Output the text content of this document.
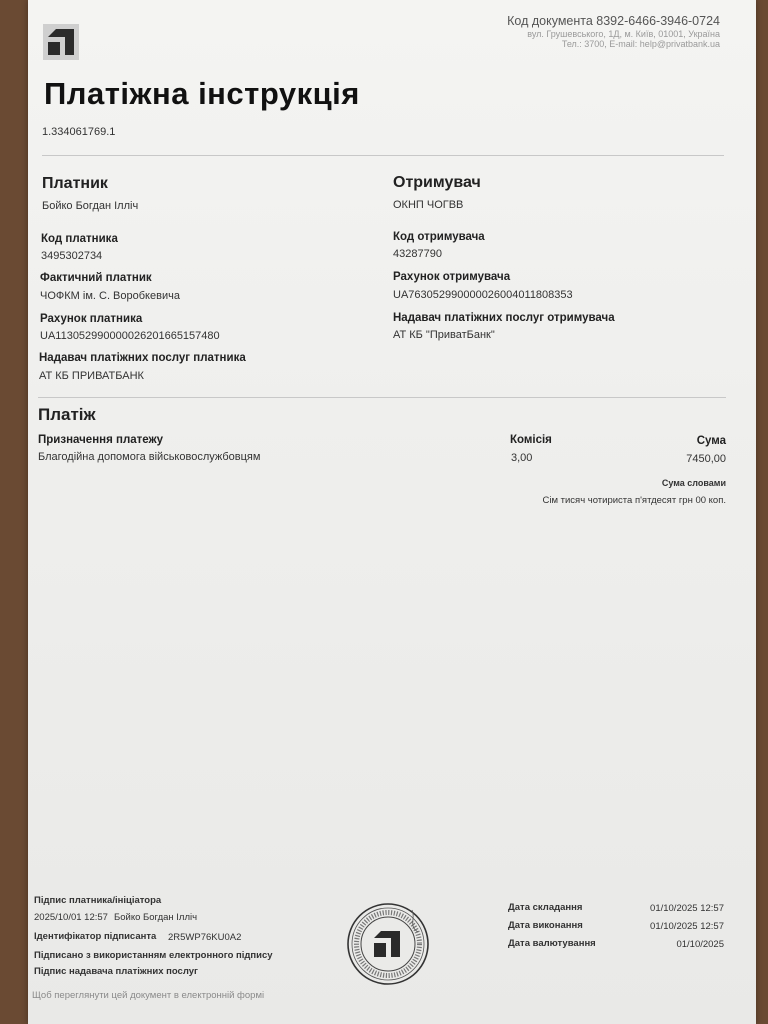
Код документа 8392-6466-3946-0724
вул. Грушевського, 1Д, м. Київ, 01001, Україна
Тел.: 3700, E-mail: help@privatbank.ua
Платіжна інструкція
1.334061769.1
Платник
Бойко Богдан Ілліч
Код платника
3495302734
Фактичний платник
ЧОФКМ ім. С. Воробкевича
Рахунок платника
UA113052990000026201665157480
Надавач платіжних послуг платника
АТ КБ ПРИВАТБАНК
Отримувач
ОКНП ЧОГВВ
Код отримувача
43287790
Рахунок отримувача
UA763052990000026004011808353
Надавач платіжних послуг отримувача
АТ КБ "ПриватБанк"
Платіж
Призначення платежу
Благодійна допомога військовослужбовцям
Комісія
3,00
Сума
7450,00
Сума словами
Сім тисяч чотириста п'ятдесят грн 00 коп.
Підпис платника/ініціатора
2025/10/01 12:57 Бойко Богдан Ілліч
Ідентифікатор підписанта 2R5WP76KU0A2
Підписано з використанням електронного підпису
Підпис надавача платіжних послуг
Щоб переглянути цей документ в електронній формі
Дата складання	01/10/2025 12:57
Дата виконання	01/10/2025 12:57
Дата валютування	01/10/2025
